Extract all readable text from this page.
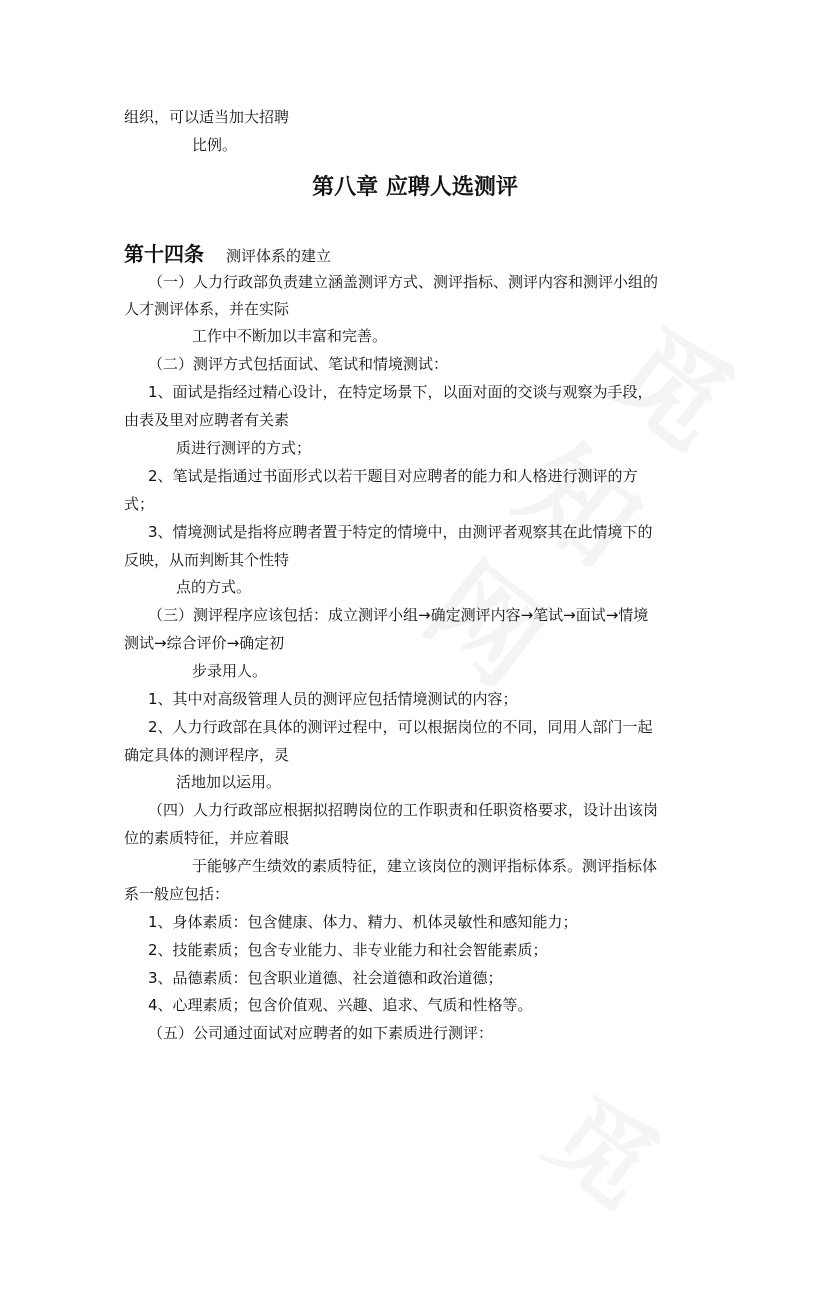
组织，可以适当加大招聘
比例。
第八章 应聘人选测评
第十四条 测评体系的建立
（一）人力行政部负责建立涵盖测评方式、测评指标、测评内容和测评小组的
人才测评体系，并在实际
工作中不断加以丰富和完善。
（二）测评方式包括面试、笔试和情境测试：
1、面试是指经过精心设计，在特定场景下，以面对面的交谈与观察为手段，
由表及里对应聘者有关素
质进行测评的方式；
2、笔试是指通过书面形式以若干题目对应聘者的能力和人格进行测评的方
式；
3、情境测试是指将应聘者置于特定的情境中，由测评者观察其在此情境下的
反映，从而判断其个性特
点的方式。
（三）测评程序应该包括：成立测评小组→确定测评内容→笔试→面试→情境
测试→综合评价→确定初
步录用人。
1、其中对高级管理人员的测评应包括情境测试的内容；
2、人力行政部在具体的测评过程中，可以根据岗位的不同，同用人部门一起
确定具体的测评程序，灵
活地加以运用。
（四）人力行政部应根据拟招聘岗位的工作职责和任职资格要求，设计出该岗
位的素质特征，并应着眼
于能够产生绩效的素质特征，建立该岗位的测评指标体系。测评指标体
系一般应包括：
1、身体素质：包含健康、体力、精力、机体灵敏性和感知能力；
2、技能素质；包含专业能力、非专业能力和社会智能素质；
3、品德素质：包含职业道德、社会道德和政治道德；
4、心理素质；包含价值观、兴趣、追求、气质和性格等。
（五）公司通过面试对应聘者的如下素质进行测评：
